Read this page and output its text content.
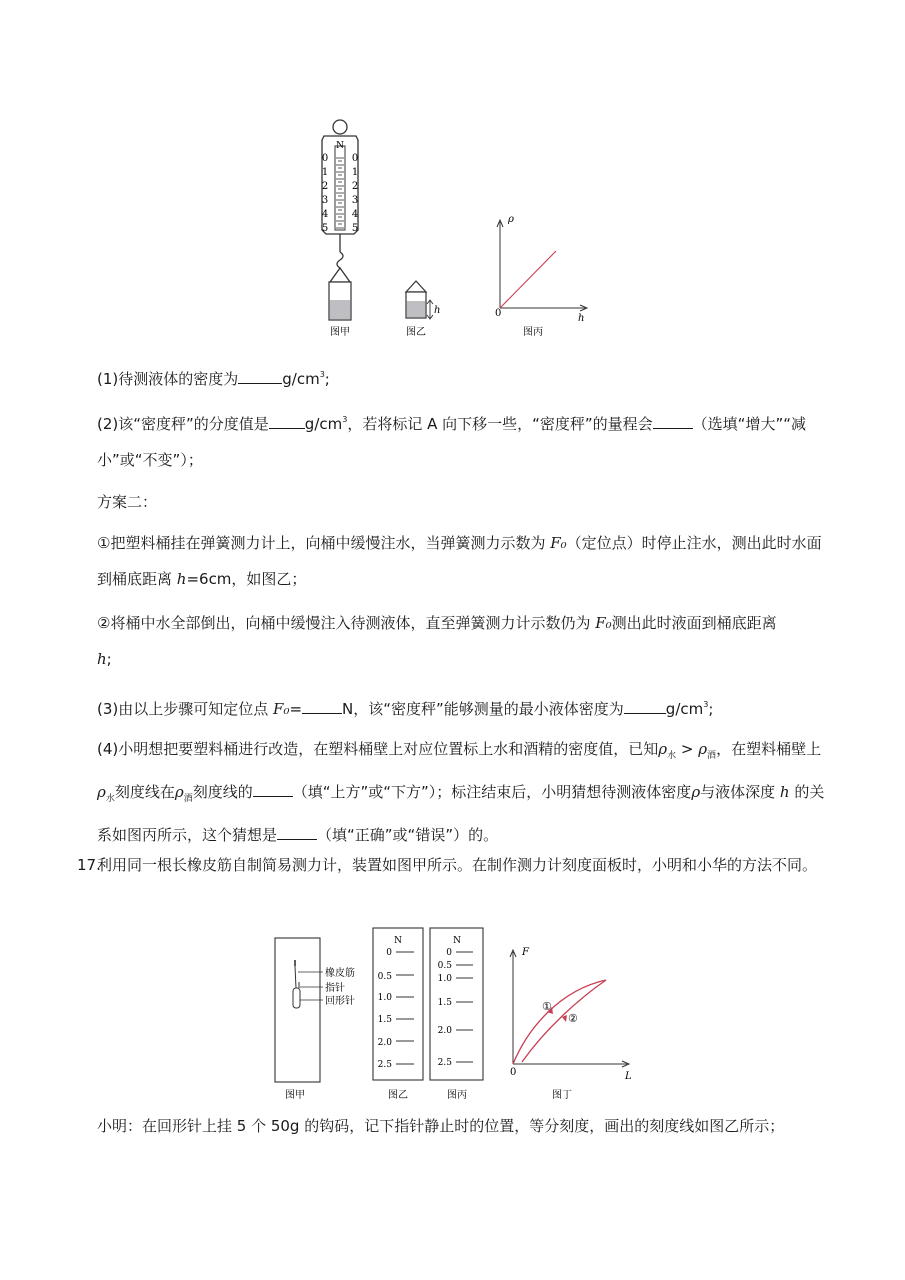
N
0
1
2
3
4
5
0
1
2
3
4
5
图甲
h
图乙
ρ
h
0
图丙
(1)待测液体的密度为	$g/cm^3$;
(2)该“密度秤”的分度值是 $g/cm^3$，若将标记 A 向下移一些，“密度秤”的量程会	（选填“增大”“减小”或“不变”）；
方案二：
①把塑料桶挂在弹簧测力计上，向桶中缓慢注水，当弹簧测力示数为 F₀（定位点）时停止注水，测出此时水面到桶底距离 h=6cm，如图乙；
②将桶中水全部倒出，向桶中缓慢注入待测液体，直至弹簧测力计示数仍为 F₀测出此时液面到桶底距离
h;
(3)由以上步骤可知定位点 F₀=	N，该“密度秤”能够测量的最小液体密度为	$g/cm^3$;
(4)小明想把要塑料桶进行改造，在塑料桶壁上对应位置标上水和酒精的密度值，已知$\rho_水 > \rho_酒$，在塑料桶壁上$\rho_水$刻度线在$\rho_酒$刻度线的	（填“上方”或“下方”）；标注结束后，小明猜想待测液体密度ρ与液体深度 h 的关系如图丙所示，这个猜想是	（填“正确”或“错误”）的。
17.
利用同一根长橡皮筋自制简易测力计，装置如图甲所示。在制作测力计刻度面板时，小明和小华的方法不同。
橡皮筋
指针
回形针
图甲
N
0
0.5
1.0
1.5
2.0
2.5
图乙
N
0
0.5
1.0
1.5
2.0
2.5
图丙
F
L
0
①
②
图丁
小明：在回形针上挂 5 个 50g 的钩码，记下指针静止时的位置，等分刻度，画出的刻度线如图乙所示；
